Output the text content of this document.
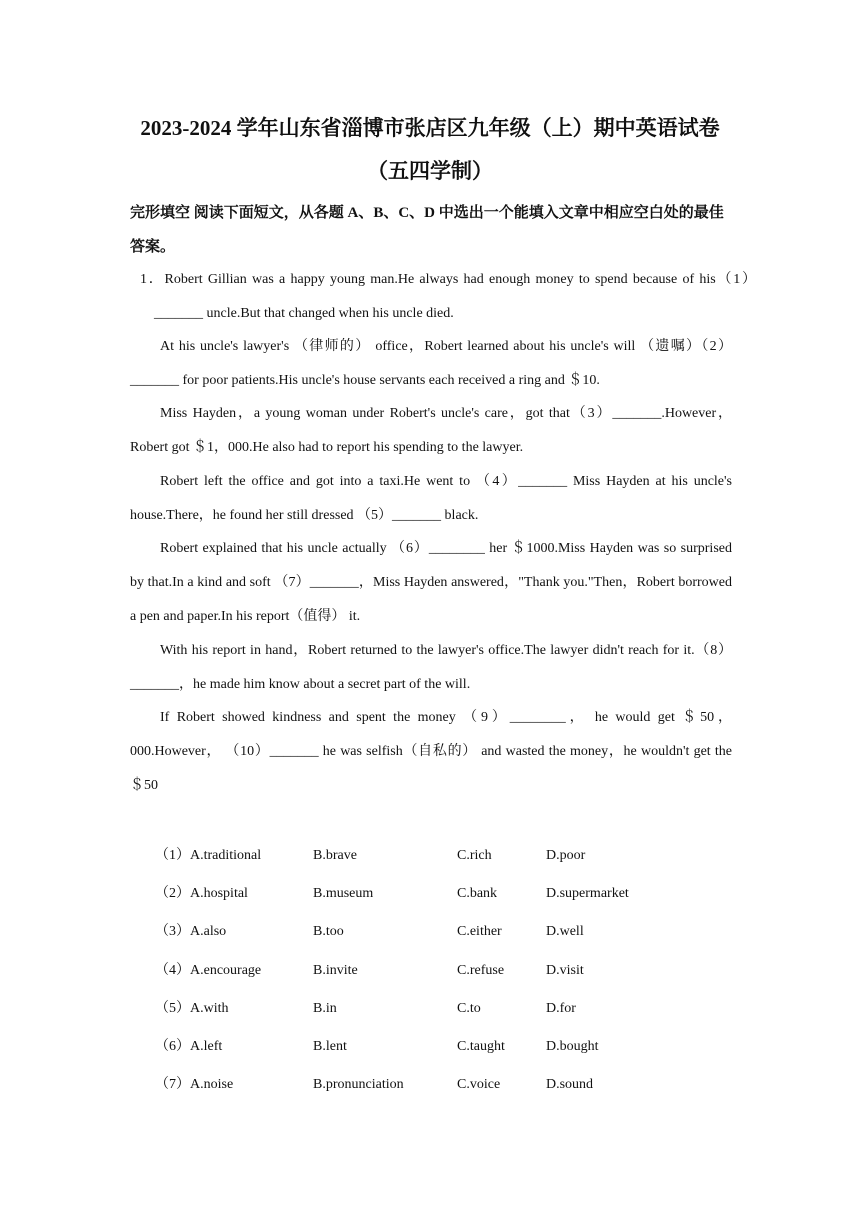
2023-2024 学年山东省淄博市张店区九年级（上）期中英语试卷
（五四学制）
完形填空 阅读下面短文，从各题 A、B、C、D 中选出一个能填入文章中相应空白处的最佳答案。
1．Robert Gillian was a happy young man.He always had enough money to spend because of his（1）_______ uncle.But that changed when his uncle died.
At his uncle's lawyer's （律师的） office，Robert learned about his uncle's will （遗嘱）（2）_______ for poor patients.His uncle's house servants each received a ring and ＄10.
Miss Hayden，a young woman under Robert's uncle's care，got that（3）_______.However，Robert got ＄1，000.He also had to report his spending to the lawyer.
Robert left the office and got into a taxi.He went to （4）_______ Miss Hayden at his uncle's house.There，he found her still dressed （5）_______ black.
Robert explained that his uncle actually （6）________ her ＄1000.Miss Hayden was so surprised by that.In a kind and soft （7）_______，Miss Hayden answered，"Thank you."Then，Robert borrowed a pen and paper.In his report（值得） it.
With his report in hand，Robert returned to the lawyer's office.The lawyer didn't reach for it.（8）_______，he made him know about a secret part of the will.
If Robert showed kindness and spent the money （9）________， he would get ＄50，000.However， （10）_______ he was selfish（自私的） and wasted the money，he wouldn't get the ＄50
（1）A.traditional	B.brave	C.rich	D.poor
（2）A.hospital	B.museum	C.bank	D.supermarket
（3）A.also	B.too	C.either	D.well
（4）A.encourage	B.invite	C.refuse	D.visit
（5）A.with	B.in	C.to	D.for
（6）A.left	B.lent	C.taught	D.bought
（7）A.noise	B.pronunciation	C.voice	D.sound
